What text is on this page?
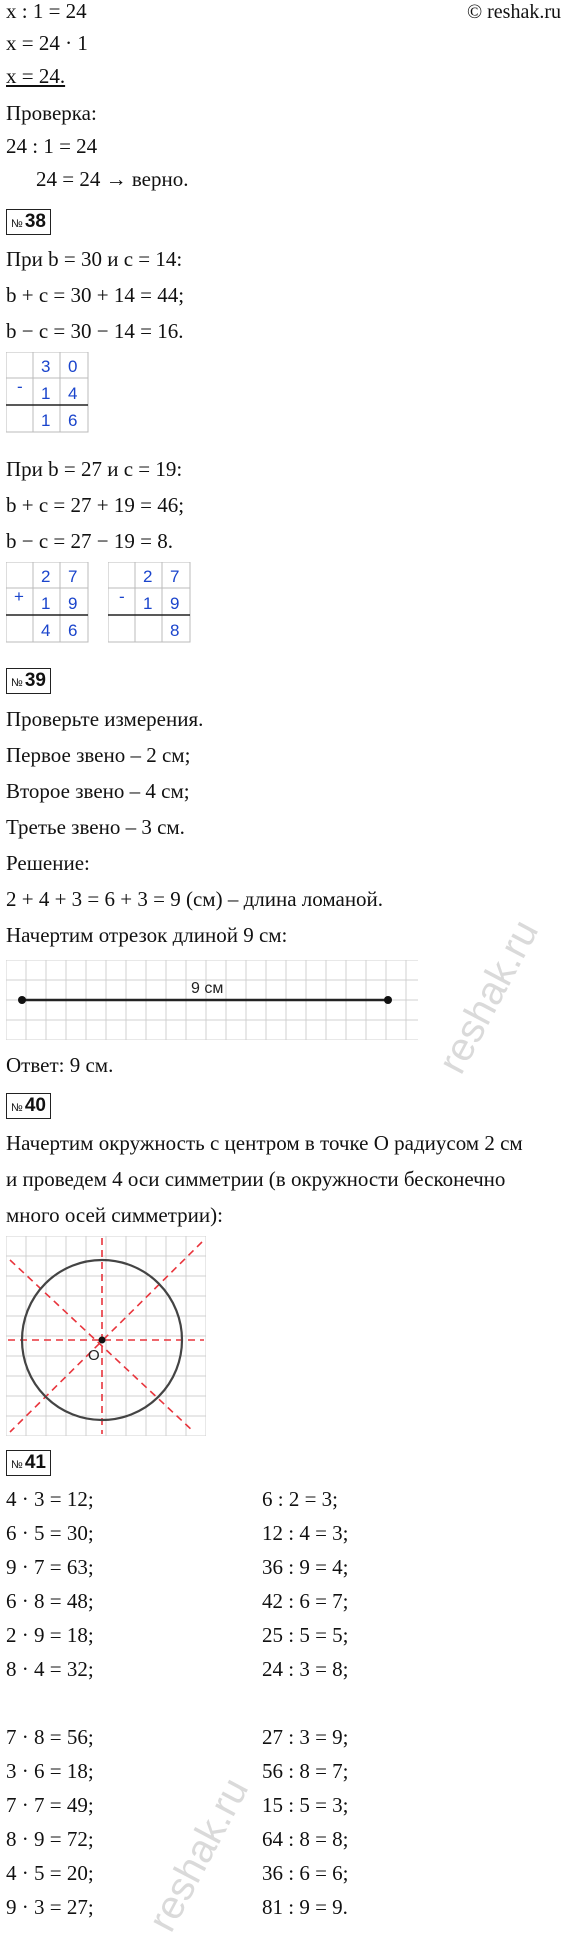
© reshak.ru
x : 1 = 24
x = 24 · 1
x = 24.
Проверка:
24 : 1 = 24
24 = 24 → верно.
№ 38
При b = 30 и c = 14:
b + c = 30 + 14 = 44;
b − c = 30 − 14 = 16.
-
3 0
1 4
1 6
При b = 27 и c = 19:
b + c = 27 + 19 = 46;
b − c = 27 − 19 = 8.
+
2 7
1 9
4 6
-
2 7
1 9
8
№ 39
Проверьте измерения.
Первое звено – 2 см;
Второе звено – 4 см;
Третье звено – 3 см.
Решение:
2 + 4 + 3 = 6 + 3 = 9 (см) – длина ломаной.
Начертим отрезок длиной 9 см:
9 см
Ответ: 9 см.
№ 40
Начертим окружность с центром в точке O радиусом 2 см
и проведем 4 оси симметрии (в окружности бесконечно
много осей симметрии):
O
№ 41
4 · 3 = 12;
6 · 5 = 30;
9 · 7 = 63;
6 · 8 = 48;
2 · 9 = 18;
8 · 4 = 32;
7 · 8 = 56;
3 · 6 = 18;
7 · 7 = 49;
8 · 9 = 72;
4 · 5 = 20;
9 · 3 = 27;
6 : 2 = 3;
12 : 4 = 3;
36 : 9 = 4;
42 : 6 = 7;
25 : 5 = 5;
24 : 3 = 8;
27 : 3 = 9;
56 : 8 = 7;
15 : 5 = 3;
64 : 8 = 8;
36 : 6 = 6;
81 : 9 = 9.
reshak.ru
reshak.ru
